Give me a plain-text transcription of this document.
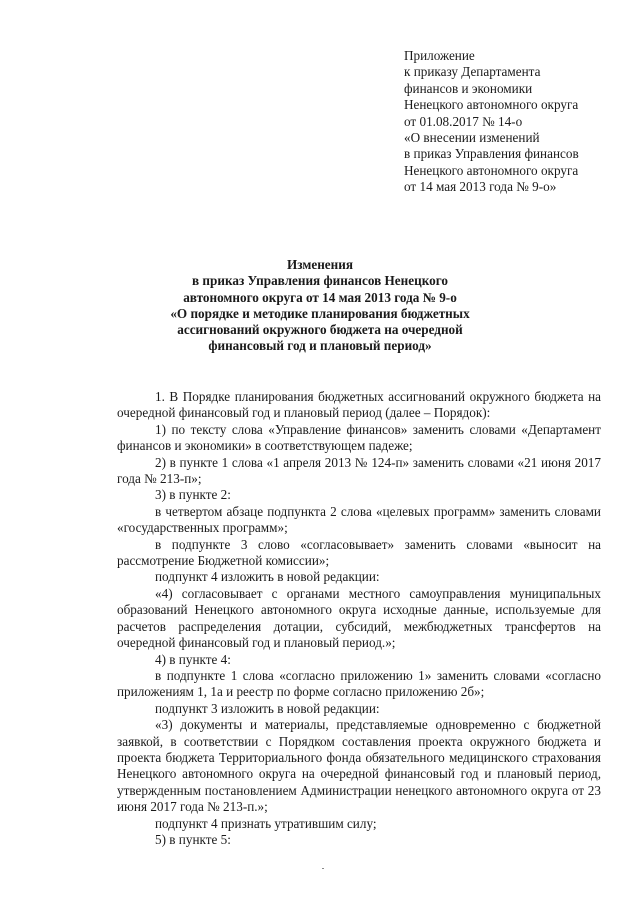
Приложение
к приказу Департамента
финансов и экономики
Ненецкого автономного округа
от 01.08.2017 № 14-о
«О внесении изменений
в приказ Управления финансов
Ненецкого автономного округа
от 14 мая 2013 года № 9-о»
Изменения
в приказ Управления финансов Ненецкого
автономного округа от 14 мая 2013 года № 9-о
«О порядке и методике планирования бюджетных
ассигнований окружного бюджета на очередной
финансовый год и плановый период»

1. В Порядке планирования бюджетных ассигнований окружного бюджета на очередной финансовый год и плановый период (далее – Порядок):

1) по тексту слова «Управление финансов» заменить словами «Департамент финансов и экономики» в соответствующем падеже;

2) в пункте 1 слова «1 апреля 2013 № 124-п» заменить словами «21 июня 2017 года № 213-п»;

3) в пункте 2:

в четвертом абзаце подпункта 2 слова «целевых программ» заменить словами «государственных программ»;

в подпункте 3 слово «согласовывает» заменить словами «выносит на рассмотрение Бюджетной комиссии»;

подпункт 4 изложить в новой редакции:

«4) согласовывает с органами местного самоуправления муниципальных образований Ненецкого автономного округа исходные данные, используемые для расчетов распределения дотации, субсидий, межбюджетных трансфертов на очередной финансовый год и плановый период.»;

4) в пункте 4:

в подпункте 1 слова «согласно приложению 1» заменить словами «согласно приложениям 1, 1а и реестр по форме согласно приложению 2б»;

подпункт 3 изложить в новой редакции:

«3) документы и материалы, представляемые одновременно с бюджетной заявкой, в соответствии с Порядком составления проекта окружного бюджета и проекта бюджета Территориального фонда обязательного медицинского страхования Ненецкого автономного округа на очередной финансовый год и плановый период, утвержденным постановлением Администрации ненецкого автономного округа от 23 июня 2017 года № 213-п.»;

подпункт 4 признать утратившим силу;

5) в пункте 5:
